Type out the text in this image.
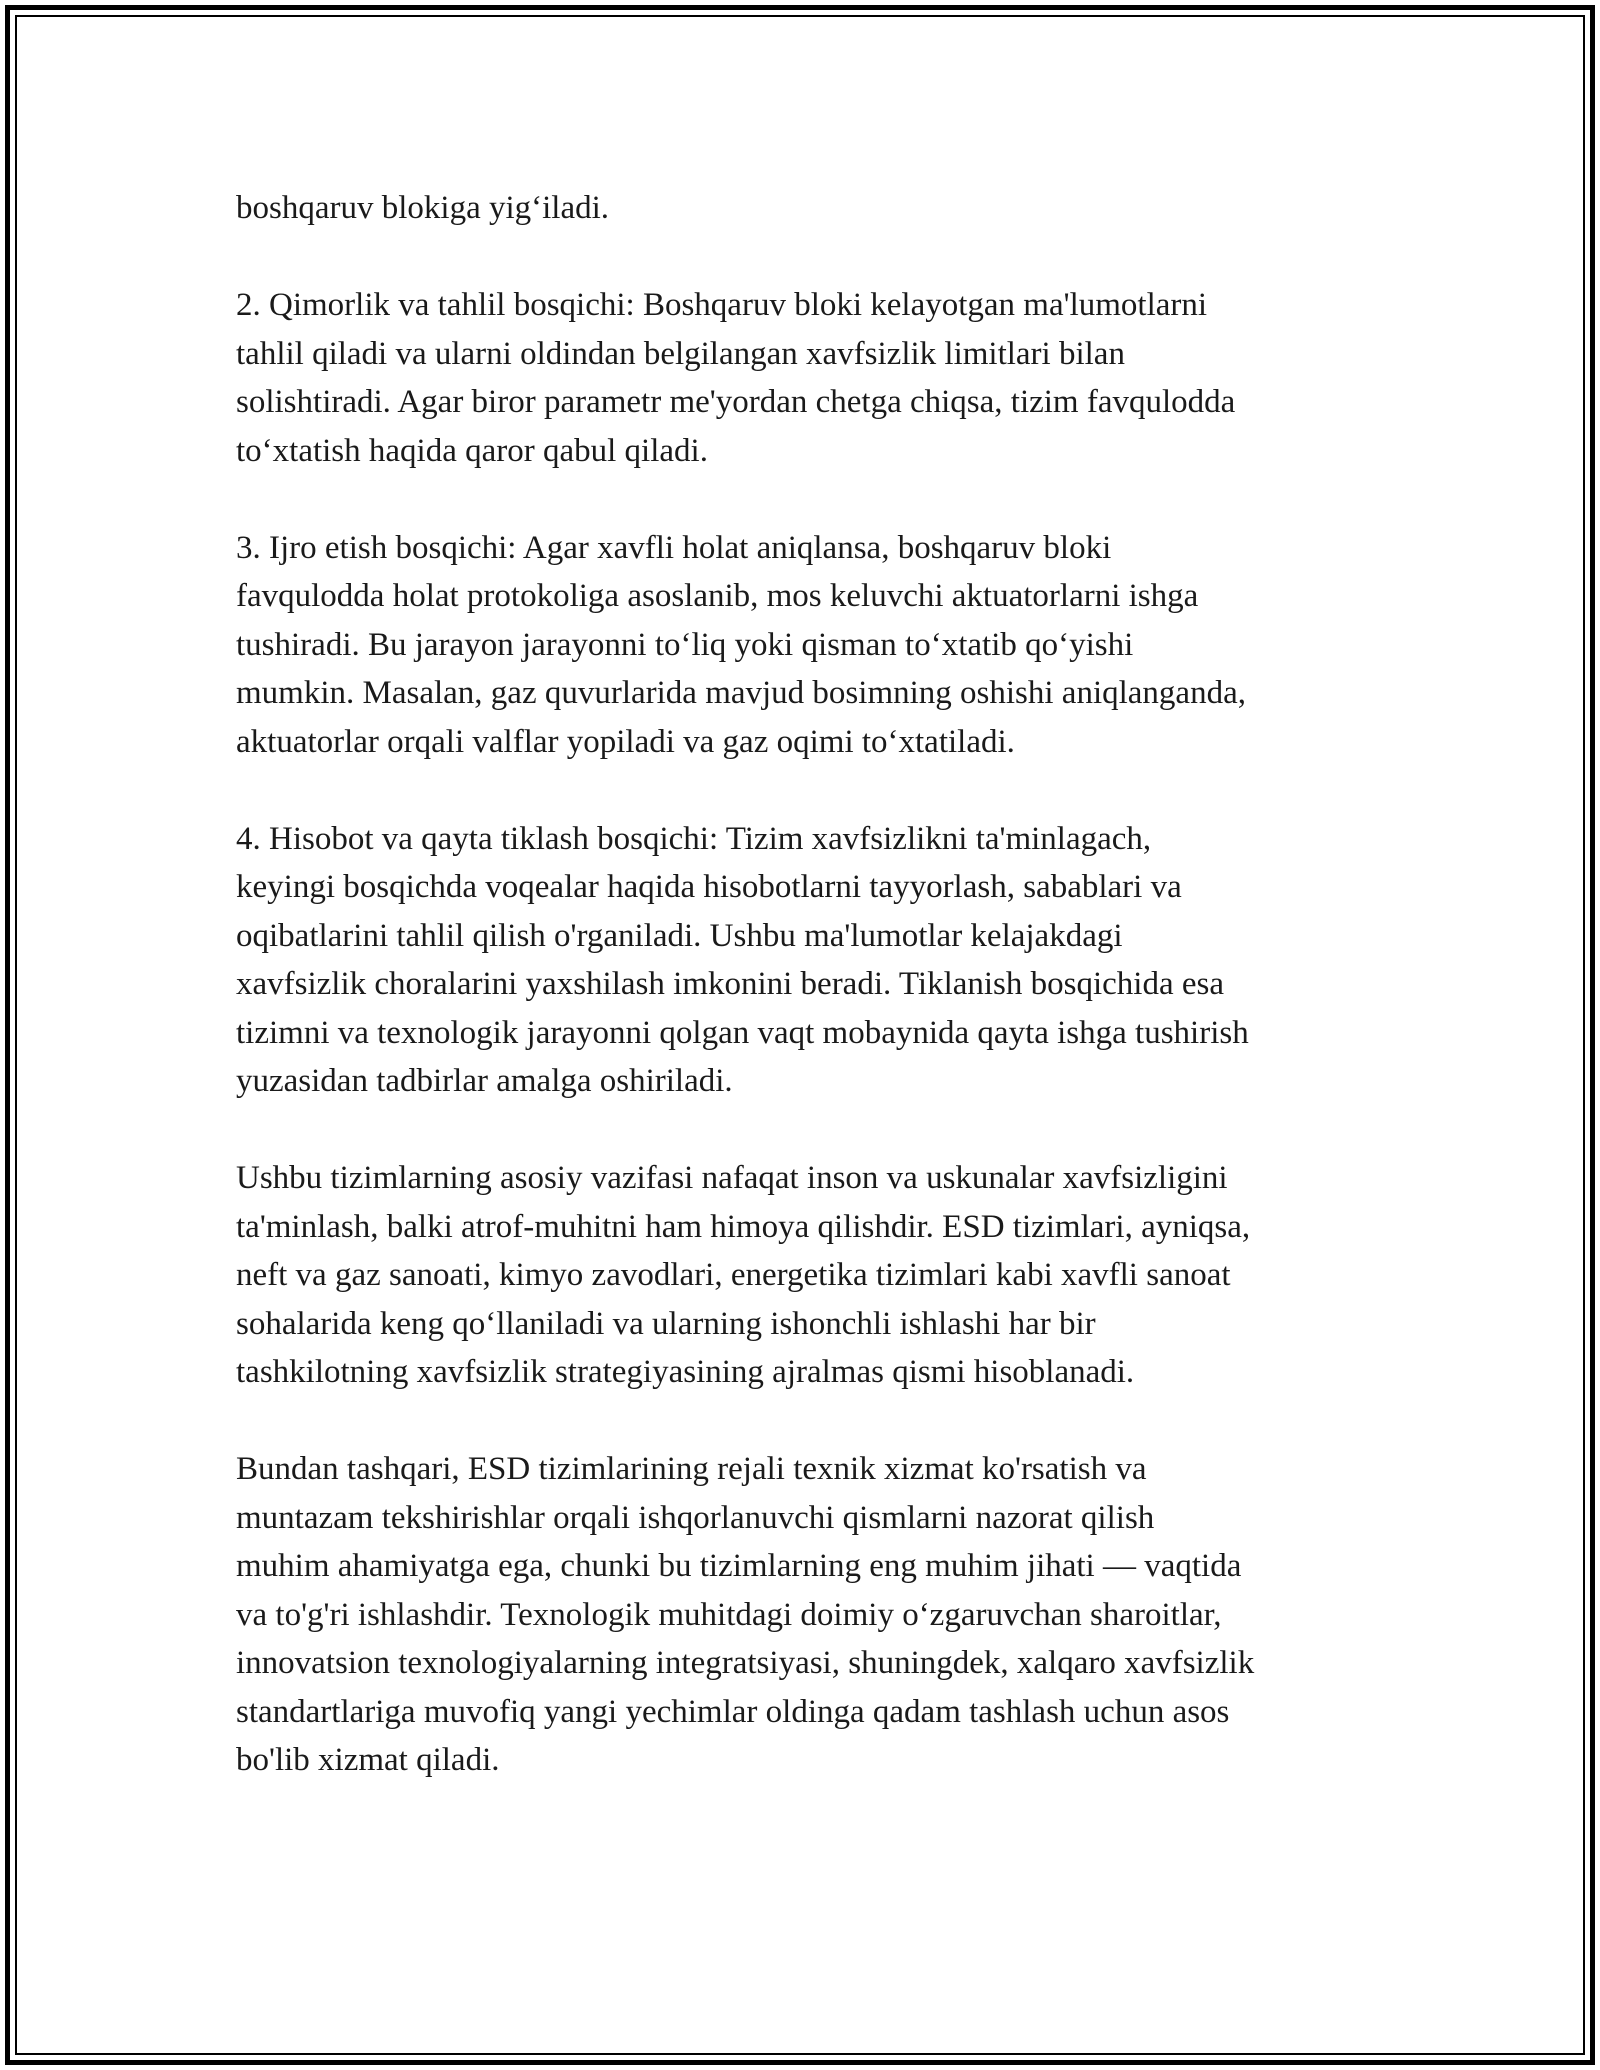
boshqaruv blokiga yig‘iladi.

2. Qimorlik va tahlil bosqichi: Boshqaruv bloki kelayotgan ma'lumotlarni
tahlil qiladi va ularni oldindan belgilangan xavfsizlik limitlari bilan
solishtiradi. Agar biror parametr me'yordan chetga chiqsa, tizim favqulodda
to‘xtatish haqida qaror qabul qiladi.

3. Ijro etish bosqichi: Agar xavfli holat aniqlansa, boshqaruv bloki
favqulodda holat protokoliga asoslanib, mos keluvchi aktuatorlarni ishga
tushiradi. Bu jarayon jarayonni to‘liq yoki qisman to‘xtatib qo‘yishi
mumkin. Masalan, gaz quvurlarida mavjud bosimning oshishi aniqlanganda,
aktuatorlar orqali valflar yopiladi va gaz oqimi to‘xtatiladi.

4. Hisobot va qayta tiklash bosqichi: Tizim xavfsizlikni ta'minlagach,
keyingi bosqichda voqealar haqida hisobotlarni tayyorlash, sabablari va
oqibatlarini tahlil qilish o'rganiladi. Ushbu ma'lumotlar kelajakdagi
xavfsizlik choralarini yaxshilash imkonini beradi. Tiklanish bosqichida esa
tizimni va texnologik jarayonni qolgan vaqt mobaynida qayta ishga tushirish
yuzasidan tadbirlar amalga oshiriladi.

Ushbu tizimlarning asosiy vazifasi nafaqat inson va uskunalar xavfsizligini
ta'minlash, balki atrof-muhitni ham himoya qilishdir. ESD tizimlari, ayniqsa,
neft va gaz sanoati, kimyo zavodlari, energetika tizimlari kabi xavfli sanoat
sohalarida keng qo‘llaniladi va ularning ishonchli ishlashi har bir
tashkilotning xavfsizlik strategiyasining ajralmas qismi hisoblanadi.

Bundan tashqari, ESD tizimlarining rejali texnik xizmat ko'rsatish va
muntazam tekshirishlar orqali ishqorlanuvchi qismlarni nazorat qilish
muhim ahamiyatga ega, chunki bu tizimlarning eng muhim jihati — vaqtida
va to'g'ri ishlashdir. Texnologik muhitdagi doimiy o‘zgaruvchan sharoitlar,
innovatsion texnologiyalarning integratsiyasi, shuningdek, xalqaro xavfsizlik
standartlariga muvofiq yangi yechimlar oldinga qadam tashlash uchun asos
bo'lib xizmat qiladi.
